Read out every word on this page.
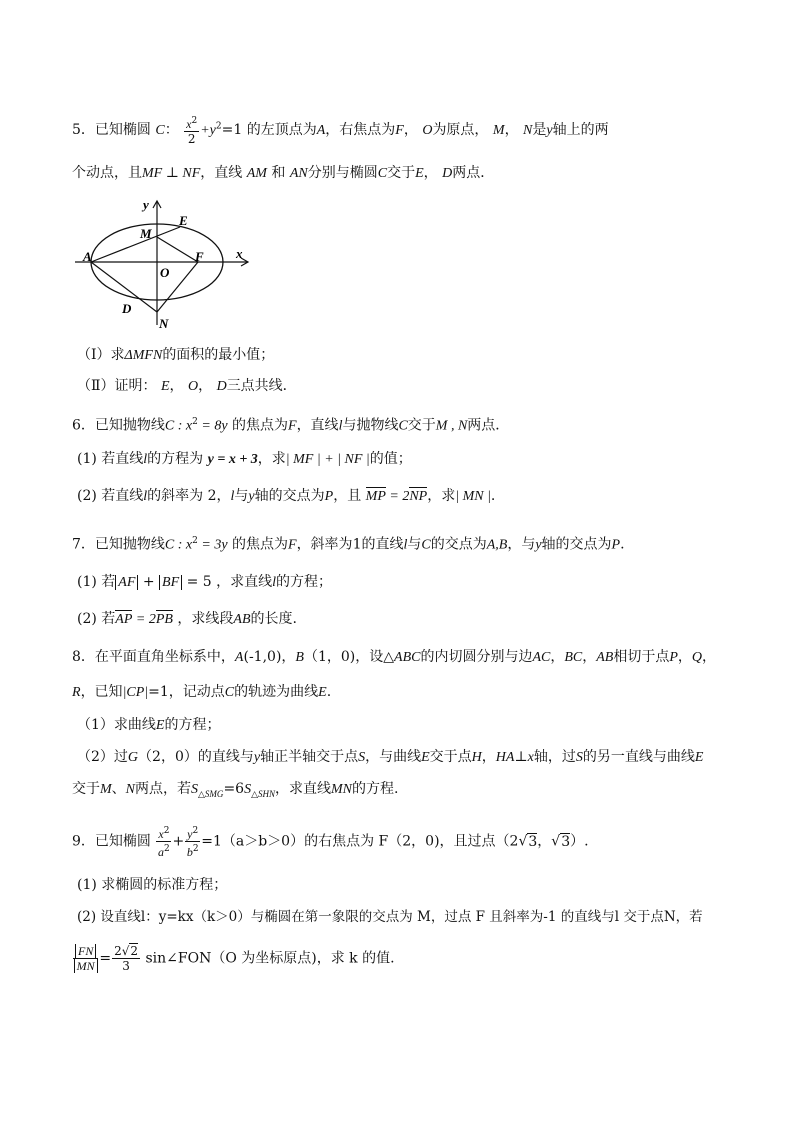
5．已知椭圆 C： $\frac{x^2}{2} +y^2=1$ 的左顶点为A，右焦点为F， O为原点， M， N是y轴上的两
个动点，且MF ⊥ NF，直线 AM 和 AN分别与椭圆C交于E， D两点．
y
E
M
A
O
F x
D
N
（Ⅰ）求ΔMFN的面积的最小值；
（Ⅱ）证明： E， O， D三点共线．
6．已知抛物线C : $x^2 = 8y$ 的焦点为F，直线l与抛物线C交于M , N两点．
(1) 若直线l的方程为 y = x + 3，求| MF | + | NF |的值；
(2) 若直线l的斜率为 2，l与y轴的交点为P，且 MP = 2NP，求| MN |.
7．已知抛物线C : $x^2 = 3y$ 的焦点为F，斜率为1的直线l与C的交点为A,B，与y轴的交点为P.
(1) 若 AF + BF = 5 ，求直线l的方程；
(2) 若AP = 2PB ，求线段AB的长度.
8．在平面直角坐标系中，A(-1,0)，B（1，0)，设△ABC的内切圆分别与边AC，BC，AB相切于点P，Q，
R，已知|CP|=1，记动点C的轨迹为曲线E.
（1）求曲线E的方程；
（2）过G（2，0）的直线与y轴正半轴交于点S，与曲线E交于点H，HA⊥x轴，过S的另一直线与曲线E
交于M、N两点，若$S_{\triangle SMG}=6S_{\triangle SHN}$，求直线MN的方程.
9．已知椭圆 $\frac{x^2}{a^2} + \frac{y^2}{b^2} =1(a>b>0)$的右焦点为 F（2，0)，且过点（2√3，√3）.
(1) 求椭圆的标准方程；
(2) 设直线l：y=kx（k＞0）与椭圆在第一象限的交点为 M，过点 F 且斜率为-1 的直线与l 交于点N，若
$\frac{FN}{MN} = \frac{2√2}{3}$ sin∠FON（O 为坐标原点)，求 k 的值.
